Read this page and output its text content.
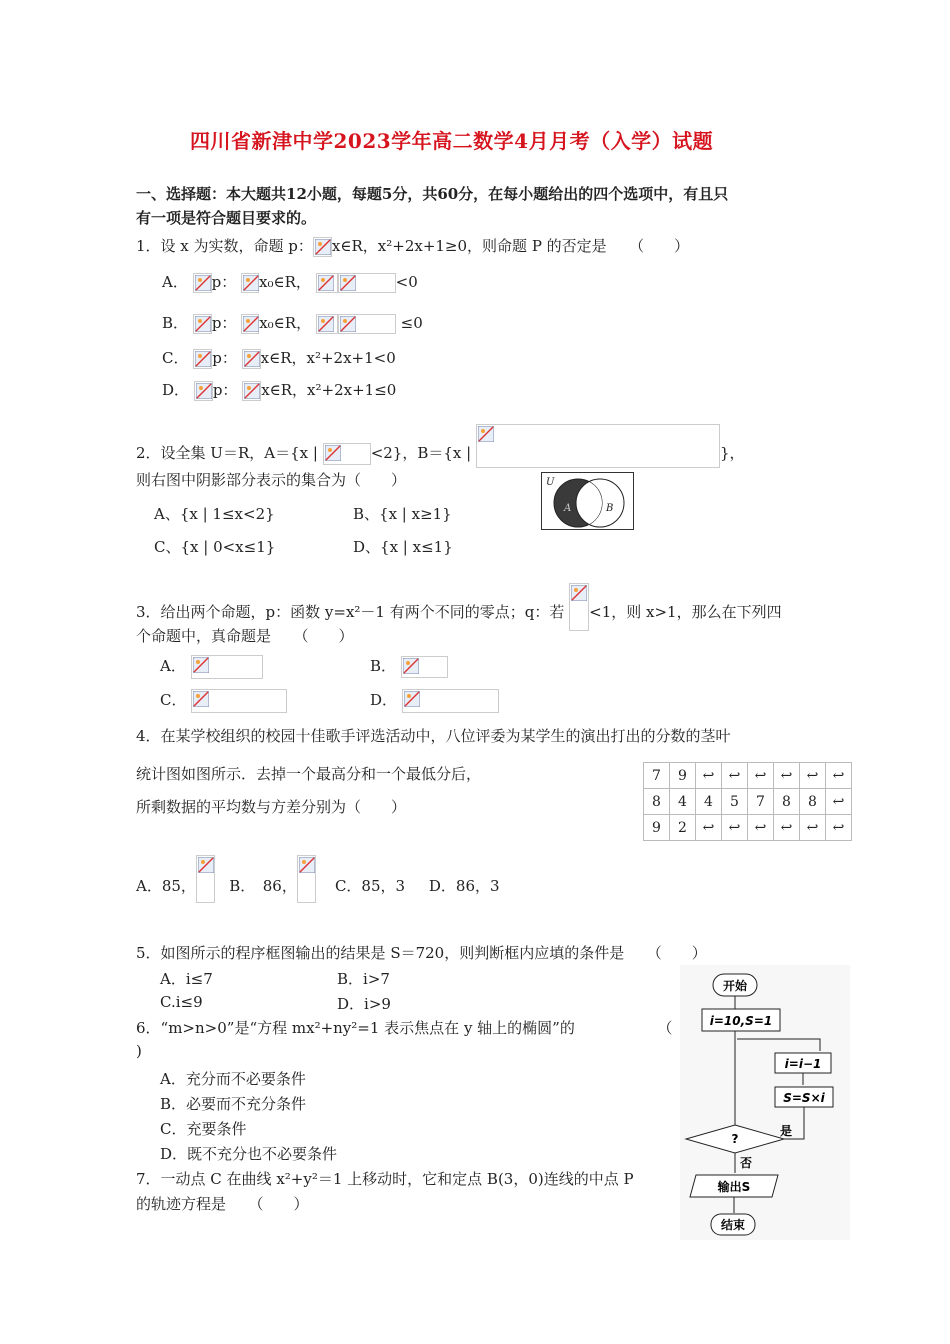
四川省新津中学2023学年高二数学4月月考（入学）试题
一、选择题：本大题共12小题，每题5分，共60分，在每小题给出的四个选项中，有且只
有一项是符合题目要求的。
1．设 x 为实数，命题 p： x∈R，x²+2x+1≥0，则命题 P 的否定是　　（　　）
A． p： x₀∈R，	<0
B． p： x₀∈R，	≤0
C． p： x∈R，x²+2x+1<0
D． p： x∈R，x²+2x+1≤0
2．设全集 U＝R，A＝{x |	<2}，B＝{x |	}，
则右图中阴影部分表示的集合为（　　）	U
A	B
A、{x | 1≤x<2}	B、{x | x≥1}
C、{x | 0<x≤1}	D、{x | x≤1}
3．给出两个命题，p：函数 y=x²－1 有两个不同的零点；q：若 <1，则 x>1，那么在下列四
个命题中，真命题是　　（　　）
A．	B．
C．	D．
4．在某学校组织的校园十佳歌手评选活动中，八位评委为某学生的演出打出的分数的茎叶
统计图如图所示．去掉一个最高分和一个最低分后，
所剩数据的平均数与方差分别为（　　）
7	9	↩	↩	↩	↩	↩	↩
8	4	4	5	7	8	8	↩
9	2	↩	↩	↩	↩	↩	↩
A．85， B．　86，	C．85，3 D．86，3
5．如图所示的程序框图输出的结果是 S＝720，则判断框内应填的条件是　　（　　）
A．i≤7	B．i>7
C.i≤9	D．i>9
6．“m>n>0”是“方程 mx²+ny²=1 表示焦点在 y 轴上的椭圆”的　　　　　　（
)
A．充分而不必要条件
B．必要而不充分条件
C．充要条件
D．既不充分也不必要条件
7．一动点 C 在曲线 x²+y²＝1 上移动时，它和定点 B(3，0)连线的中点 P
的轨迹方程是　　（　　）
开始
i=10,S=1
i=i−1
S=S×i
?
是
否
输出S
结束
